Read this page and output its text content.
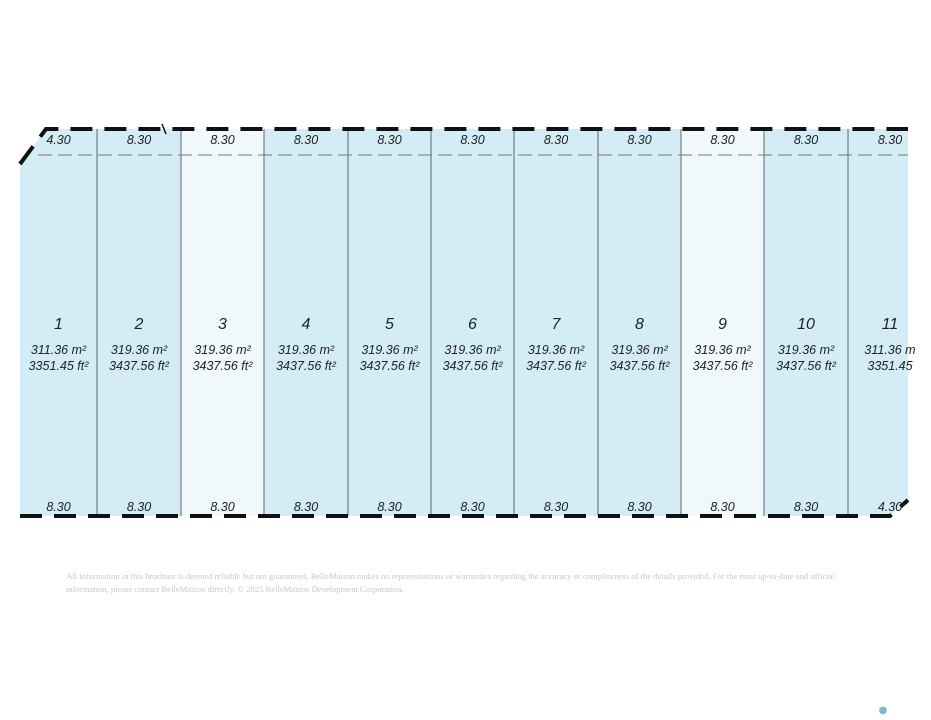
4.30
1
311.36 m²
3351.45 ft²
8.30
8.30
2
319.36 m²
3437.56 ft²
8.30
8.30
3
319.36 m²
3437.56 ft²
8.30
8.30
4
319.36 m²
3437.56 ft²
8.30
8.30
5
319.36 m²
3437.56 ft²
8.30
8.30
6
319.36 m²
3437.56 ft²
8.30
8.30
7
319.36 m²
3437.56 ft²
8.30
8.30
8
319.36 m²
3437.56 ft²
8.30
8.30
9
319.36 m²
3437.56 ft²
8.30
8.30
10
319.36 m²
3437.56 ft²
8.30
8.30
11
311.36 m
3351.45
4.30

All information in this brochure is deemed reliable but not guaranteed. BelleMaison makes no representations or warranties regarding the accuracy or completeness of the details provided. For the most up-to-date and official information, please contact BelleMaison directly. © 2025 BelleMaison Development Corporation.

●
